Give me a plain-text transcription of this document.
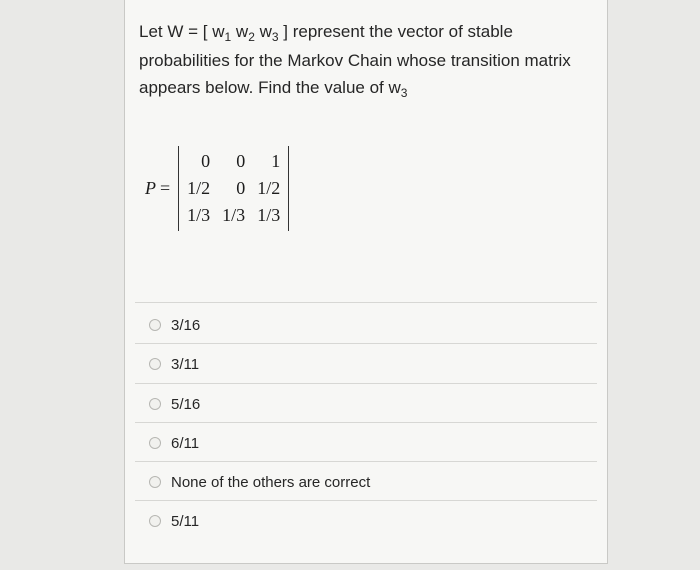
Let W = [ $w_1$ $w_2$ $w_3$ ] represent the vector of stable probabilities for the Markov Chain whose transition matrix appears below. Find the value of $w_3$
P =
0	0	1
1/2	0	1/2
1/3	1/3	1/3
3/16
3/11
5/16
6/11
None of the others are correct
5/11
